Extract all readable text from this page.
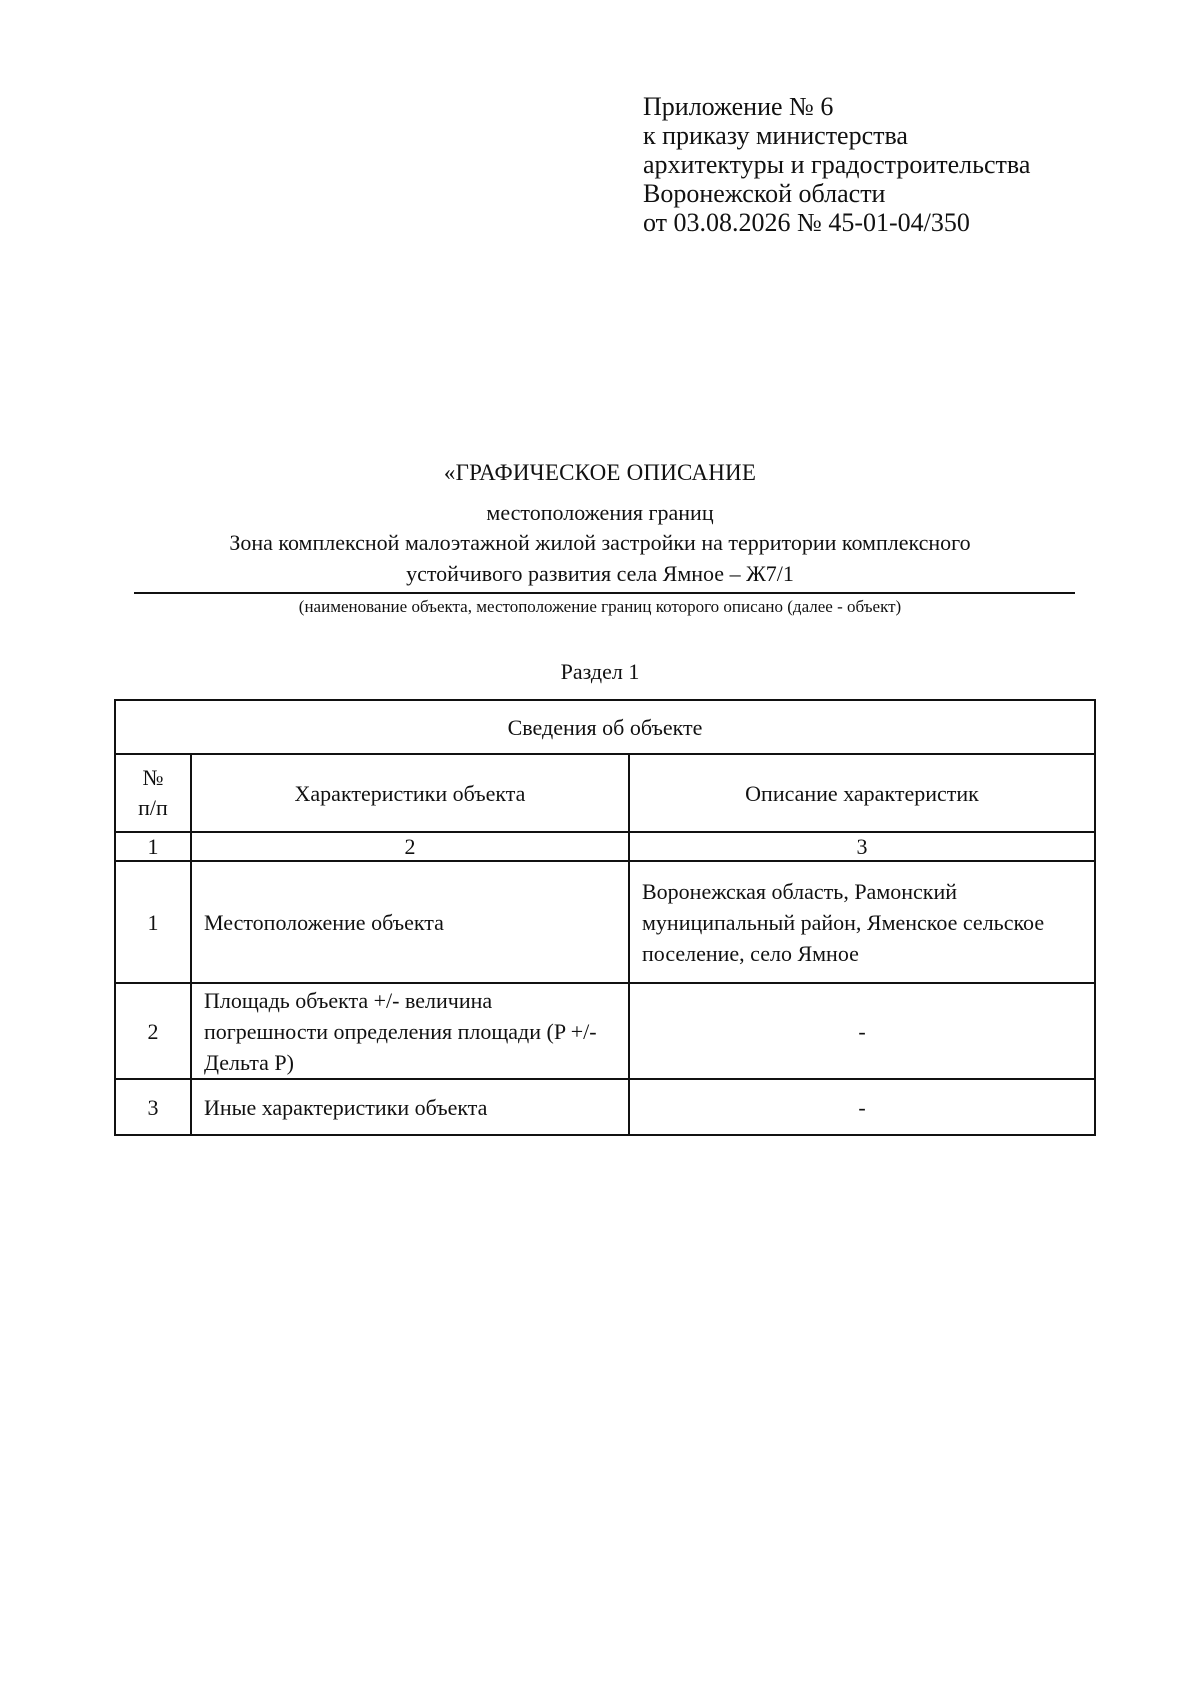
Приложение № 6
к приказу министерства
архитектуры и градостроительства
Воронежской области
от 03.08.2026 № 45-01-04/350
«ГРАФИЧЕСКОЕ ОПИСАНИЕ
местоположения границ
Зона комплексной малоэтажной жилой застройки на территории комплексного
устойчивого развития села Ямное – Ж7/1
(наименование объекта, местоположение границ которого описано (далее - объект)
Раздел 1
Сведения об объекте		

№
п/п	Характеристики объекта	Описание характеристик
1	2	3
1	Местоположение объекта	Воронежская область, Рамонский муниципальный район, Яменское сельское поселение, село Ямное
2	Площадь объекта +/- величина погрешности определения площади (P +/- Дельта P)	-
3	Иные характеристики объекта	-
